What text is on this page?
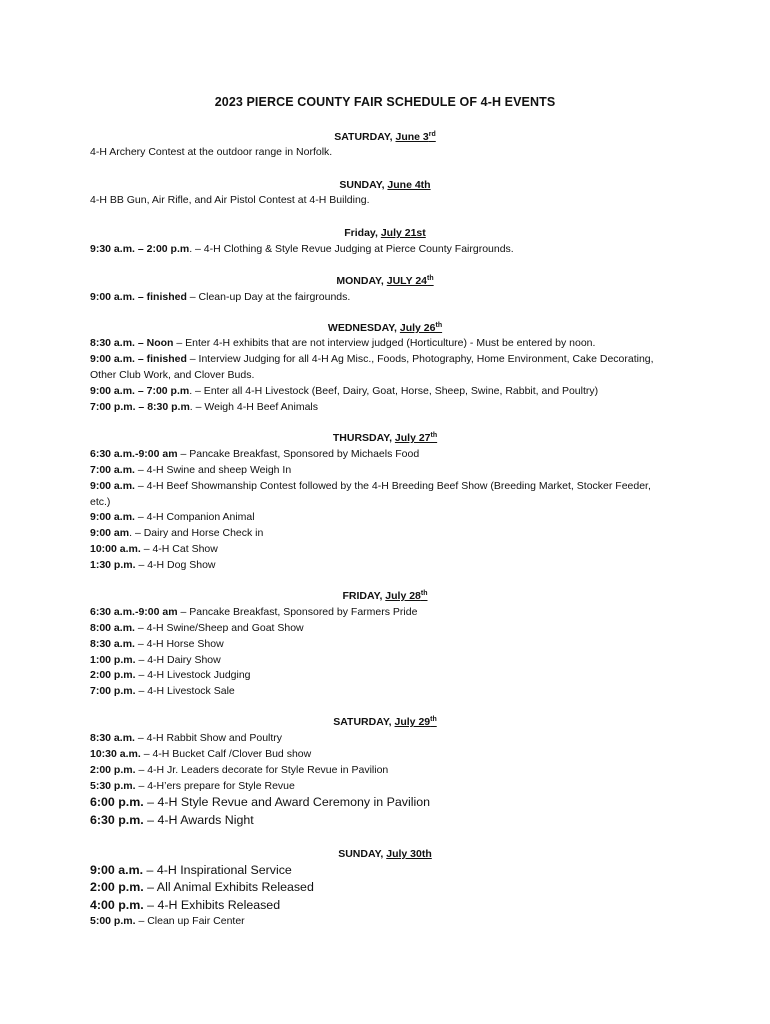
2023 PIERCE COUNTY FAIR SCHEDULE OF 4-H EVENTS
SATURDAY, June 3rd
4-H Archery Contest at the outdoor range in Norfolk.
SUNDAY, June 4th
4-H BB Gun, Air Rifle, and Air Pistol Contest at 4-H Building.
Friday, July 21st
9:30 a.m. – 2:00 p.m. – 4-H Clothing & Style Revue Judging at Pierce County Fairgrounds.
MONDAY, JULY 24th
9:00 a.m. – finished – Clean-up Day at the fairgrounds.
WEDNESDAY, July 26th
8:30 a.m. – Noon – Enter 4-H exhibits that are not interview judged (Horticulture) - Must be entered by noon.
9:00 a.m. – finished – Interview Judging for all 4-H Ag Misc., Foods, Photography, Home Environment, Cake Decorating, Other Club Work, and Clover Buds.
9:00 a.m. – 7:00 p.m. – Enter all 4-H Livestock (Beef, Dairy, Goat, Horse, Sheep, Swine, Rabbit, and Poultry)
7:00 p.m. – 8:30 p.m. – Weigh 4-H Beef Animals
THURSDAY, July 27th
6:30 a.m.-9:00 am – Pancake Breakfast, Sponsored by Michaels Food
7:00 a.m. – 4-H Swine and sheep Weigh In
9:00 a.m. – 4-H Beef Showmanship Contest followed by the 4-H Breeding Beef Show (Breeding Market, Stocker Feeder, etc.)
9:00 a.m. – 4-H Companion Animal
9:00 am. – Dairy and Horse Check in
10:00 a.m. – 4-H Cat Show
1:30 p.m. – 4-H Dog Show
FRIDAY, July 28th
6:30 a.m.-9:00 am – Pancake Breakfast, Sponsored by Farmers Pride
8:00 a.m. – 4-H Swine/Sheep and Goat Show
8:30 a.m. – 4-H Horse Show
1:00 p.m. – 4-H Dairy Show
2:00 p.m. – 4-H Livestock Judging
7:00 p.m. – 4-H Livestock Sale
SATURDAY, July 29th
8:30 a.m. – 4-H Rabbit Show and Poultry
10:30 a.m. – 4-H Bucket Calf /Clover Bud show
2:00 p.m. – 4-H Jr. Leaders decorate for Style Revue in Pavilion
5:30 p.m. – 4-H’ers prepare for Style Revue
6:00 p.m. – 4-H Style Revue and Award Ceremony in Pavilion
6:30 p.m. – 4-H Awards Night
SUNDAY, July 30th
9:00 a.m. – 4-H Inspirational Service
2:00 p.m. – All Animal Exhibits Released
4:00 p.m. – 4-H Exhibits Released
5:00 p.m. – Clean up Fair Center
